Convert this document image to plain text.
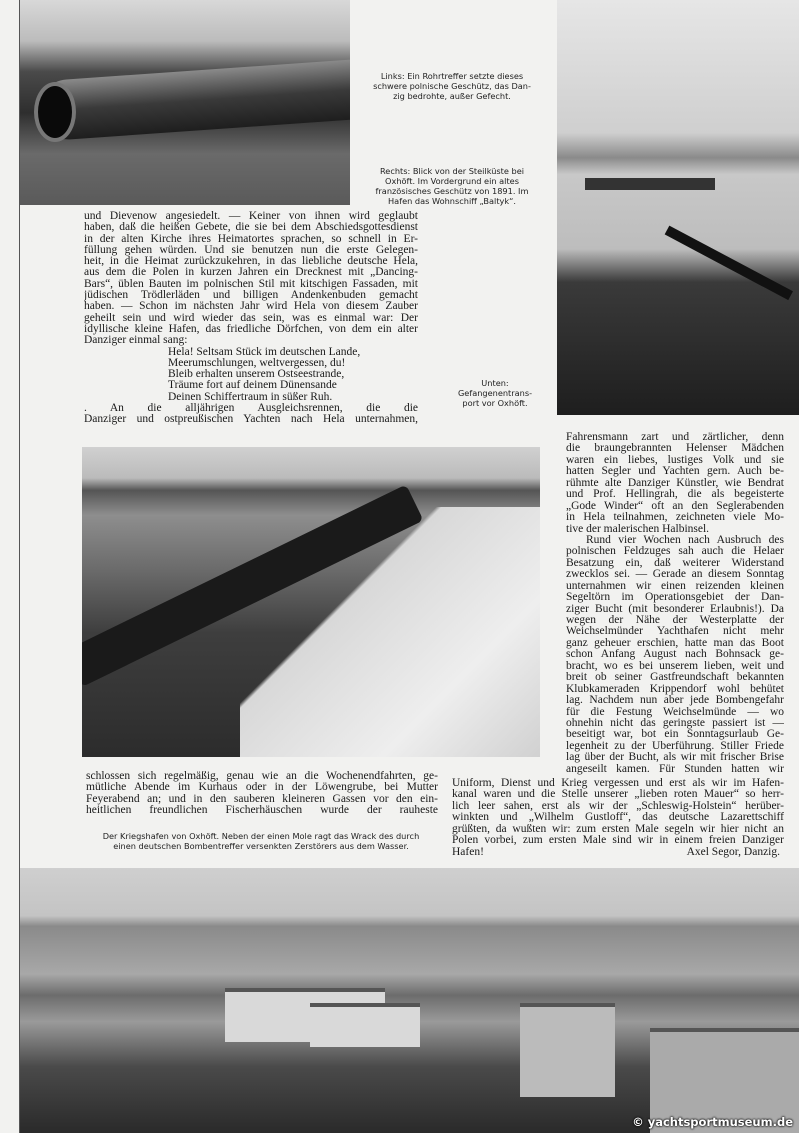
© yachtsportmuseum.de
Links: Ein Rohrtreffer setzte dieses
schwere polnische Geschütz, das Dan-
zig bedrohte, außer Gefecht.
Rechts: Blick von der Steilküste bei
Oxhöft. Im Vordergrund ein altes
französisches Geschütz von 1891. Im
Hafen das Wohnschiff „Baltyk“.
Unten:
Gefangenentrans-
port vor Oxhöft.
Der Kriegshafen von Oxhöft. Neben der einen Mole ragt das Wrack des durch
einen deutschen Bombentreffer versenkten Zerstörers aus dem Wasser.
und Dievenow angesiedelt. — Keiner von ihnen wird geglaubt
haben, daß die heißen Gebete, die sie bei dem Abschiedsgottesdienst
in der alten Kirche ihres Heimatortes sprachen, so schnell in Er-
füllung gehen würden. Und sie benutzen nun die erste Gelegen-
heit, in die Heimat zurückzukehren, in das liebliche deutsche Hela,
aus dem die Polen in kurzen Jahren ein Drecknest mit „Dancing-
Bars“, üblen Bauten im polnischen Stil mit kitschigen Fassaden, mit
jüdischen Trödlerläden und billigen Andenkenbuden gemacht
haben. — Schon im nächsten Jahr wird Hela von diesem Zauber
geheilt sein und wird wieder das sein, was es einmal war: Der
idyllische kleine Hafen, das friedliche Dörfchen, von dem ein alter
Danziger einmal sang:
Hela! Seltsam Stück im deutschen Lande,
Meerumschlungen, weltvergessen, du!
Bleib erhalten unserem Ostseestrande,
Träume fort auf deinem Dünensande
Deinen Schiffertraum in süßer Ruh.
. An die alljährigen Ausgleichsrennen, die die
Danziger und ostpreußischen Yachten nach Hela unternahmen,
Fahrensmann zart und zärtlicher, denn
die braungebrannten Helenser Mädchen
waren ein liebes, lustiges Volk und sie
hatten Segler und Yachten gern. Auch be-
rühmte alte Danziger Künstler, wie Bendrat
und Prof. Hellingrah, die als begeisterte
„Gode Winder“ oft an den Seglerabenden
in Hela teilnahmen, zeichneten viele Mo-
tive der malerischen Halbinsel.
Rund vier Wochen nach Ausbruch des
polnischen Feldzuges sah auch die Helaer
Besatzung ein, daß weiterer Widerstand
zwecklos sei. — Gerade an diesem Sonntag
unternahmen wir einen reizenden kleinen
Segeltörn im Operationsgebiet der Dan-
ziger Bucht (mit besonderer Erlaubnis!). Da
wegen der Nähe der Westerplatte der
Weichselmünder Yachthafen nicht mehr
ganz geheuer erschien, hatte man das Boot
schon Anfang August nach Bohnsack ge-
bracht, wo es bei unserem lieben, weit und
breit ob seiner Gastfreundschaft bekannten
Klubkameraden Krippendorf wohl behütet
lag. Nachdem nun aber jede Bombengefahr
für die Festung Weichselmünde — wo
ohnehin nicht das geringste passiert ist —
beseitigt war, bot ein Sonntagsurlaub Ge-
legenheit zu der Überführung. Stiller Friede
lag über der Bucht, als wir mit frischer Brise
angeseilt kamen. Für Stunden hatten wir
schlossen sich regelmäßig, genau wie an die Wochenendfahrten, ge-
mütliche Abende im Kurhaus oder in der Löwengrube, bei Mutter
Feyerabend an; und in den sauberen kleineren Gassen vor den ein-
heitlichen freundlichen Fischerhäuschen wurde der rauheste
Uniform, Dienst und Krieg vergessen und erst als wir im Hafen-
kanal waren und die Stelle unserer „lieben roten Mauer“ so herr-
lich leer sahen, erst als wir der „Schleswig-Holstein“ herüber-
winkten und „Wilhelm Gustloff“, das deutsche Lazarettschiff
grüßten, da wußten wir: zum ersten Male segeln wir hier nicht an
Polen vorbei, zum ersten Male sind wir in einem freien Danziger
Hafen!	Axel Segor, Danzig.
